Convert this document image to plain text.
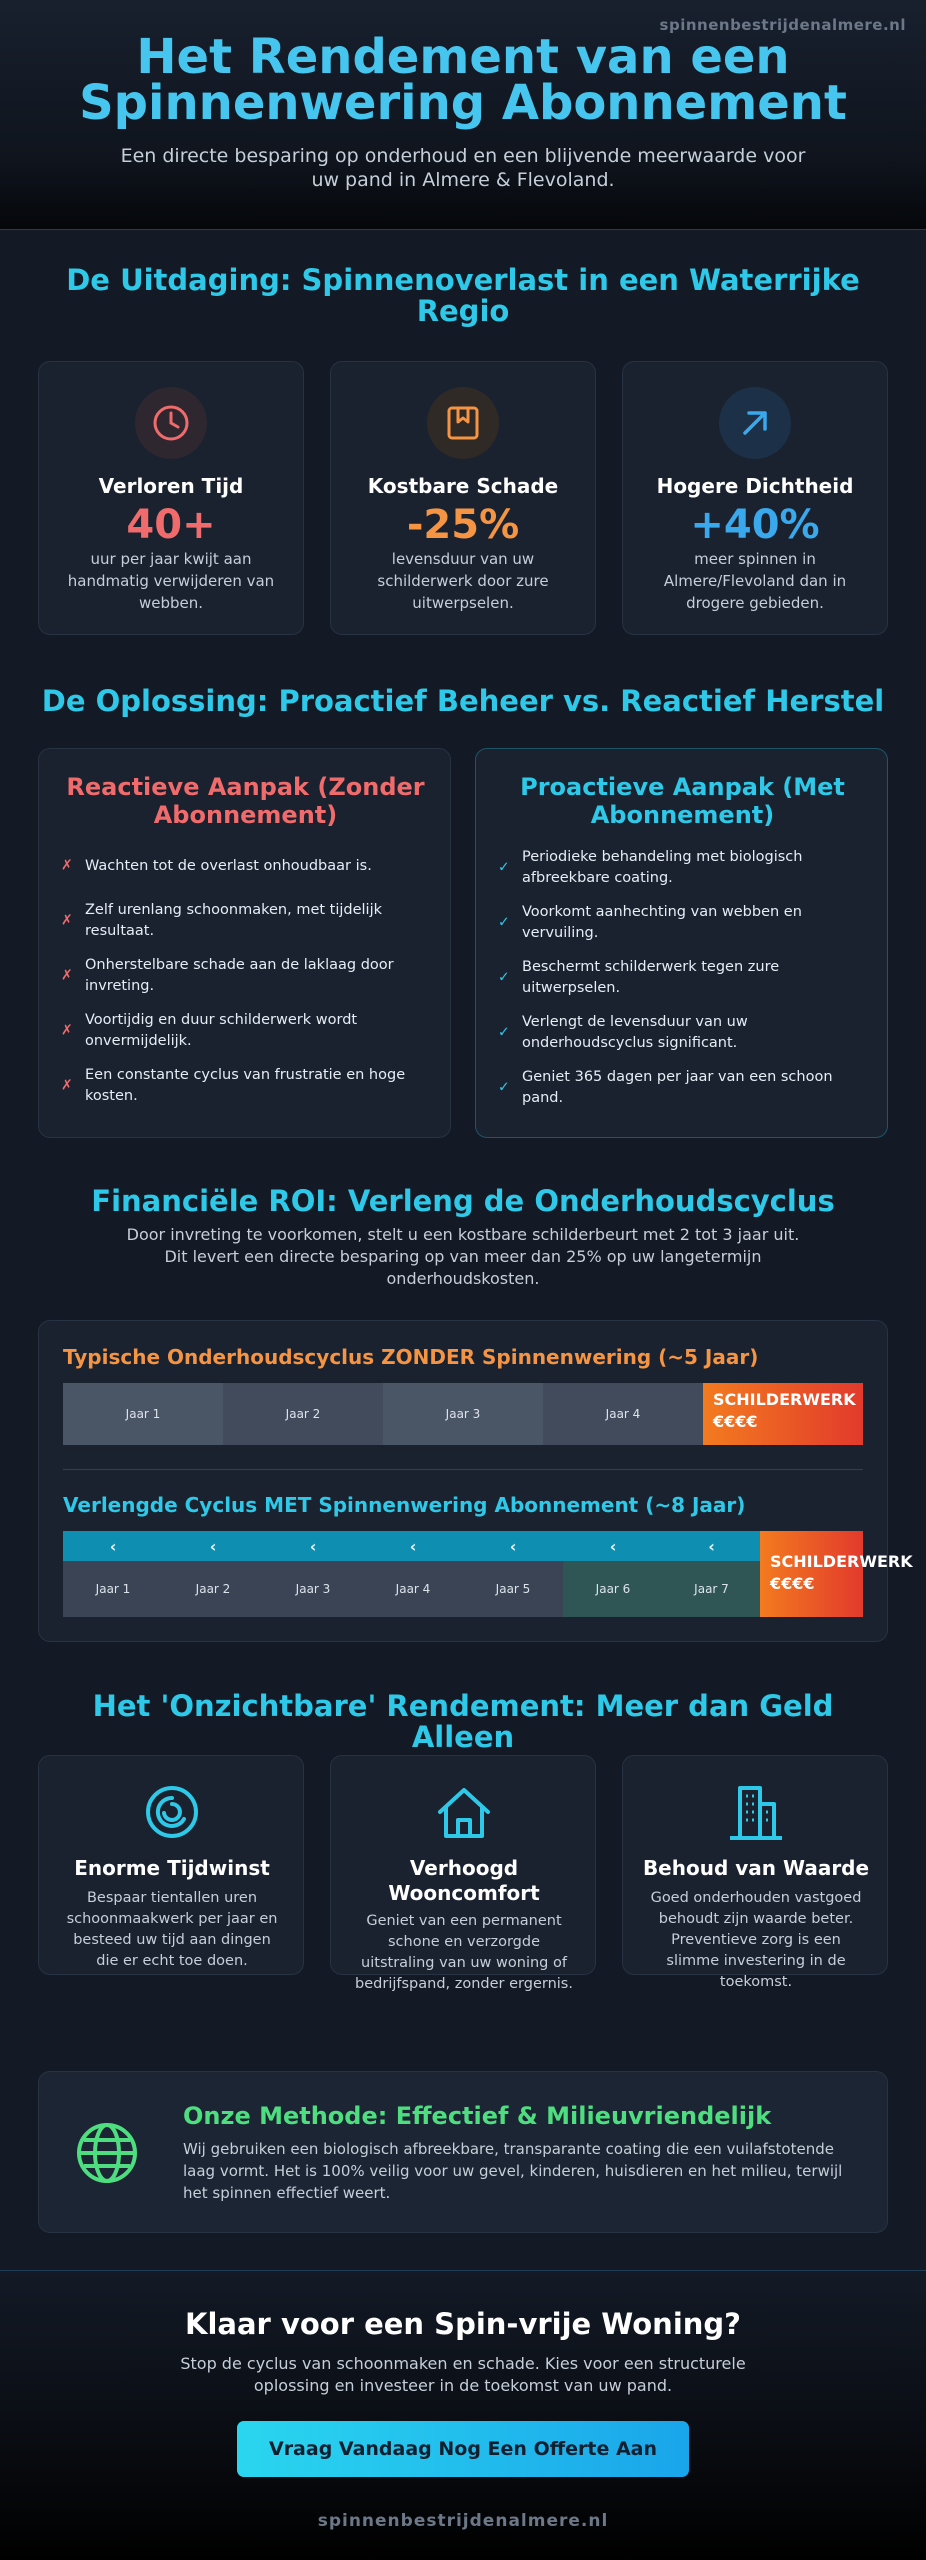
spinnenbestrijdenalmere.nl
Het Rendement van een
Spinnenwering Abonnement
Een directe besparing op onderhoud en een blijvende meerwaarde voor uw pand in Almere & Flevoland.
De Uitdaging: Spinnenoverlast in een Waterrijke Regio
Verloren Tijd
40+
uur per jaar kwijt aan handmatig verwijderen van webben.
Kostbare Schade
-25%
levensduur van uw schilderwerk door zure uitwerpselen.
Hogere Dichtheid
+40%
meer spinnen in Almere/Flevoland dan in drogere gebieden.
De Oplossing: Proactief Beheer vs. Reactief Herstel
Reactieve Aanpak (Zonder Abonnement)
✗ Wachten tot de overlast onhoudbaar is.
✗
Zelf urenlang schoonmaken, met tijdelijk resultaat.
✗
Onherstelbare schade aan de laklaag door invreting.
✗
Voortijdig en duur schilderwerk wordt onvermijdelijk.
✗
Een constante cyclus van frustratie en hoge kosten.
Proactieve Aanpak (Met Abonnement)
✓
Periodieke behandeling met biologisch afbreekbare coating.
✓
Voorkomt aanhechting van webben en vervuiling.
✓
Beschermt schilderwerk tegen zure uitwerpselen.
✓
Verlengt de levensduur van uw onderhoudscyclus significant.
✓
Geniet 365 dagen per jaar van een schoon pand.
Financiële ROI: Verleng de Onderhoudscyclus
Door invreting te voorkomen, stelt u een kostbare schilderbeurt met 2 tot 3 jaar uit. Dit levert een directe besparing op van meer dan 25% op uw langetermijn onderhoudskosten.
Typische Onderhoudscyclus ZONDER Spinnenwering (~5 Jaar)
Jaar 1	Jaar 2	Jaar 3	Jaar 4
SCHILDERWERK
€€€€
Verlengde Cyclus MET Spinnenwering Abonnement (~8 Jaar)
‹	‹	‹	‹	‹	‹	‹
Jaar 1	Jaar 2	Jaar 3	Jaar 4	Jaar 5	Jaar 6	Jaar 7
SCHILDERWERK
€€€€
Het 'Onzichtbare' Rendement: Meer dan Geld Alleen
Enorme Tijdwinst
Bespaar tientallen uren schoonmaakwerk per jaar en besteed uw tijd aan dingen die er echt toe doen.
Verhoogd Wooncomfort
Geniet van een permanent schone en verzorgde uitstraling van uw woning of bedrijfspand, zonder ergernis.
Behoud van Waarde
Goed onderhouden vastgoed behoudt zijn waarde beter. Preventieve zorg is een slimme investering in de toekomst.
Onze Methode: Effectief & Milieuvriendelijk
Wij gebruiken een biologisch afbreekbare, transparante coating die een vuilafstotende laag vormt. Het is 100% veilig voor uw gevel, kinderen, huisdieren en het milieu, terwijl het spinnen effectief weert.
Klaar voor een Spin-vrije Woning?
Stop de cyclus van schoonmaken en schade. Kies voor een structurele oplossing en investeer in de toekomst van uw pand.
Vraag Vandaag Nog Een Offerte Aan
spinnenbestrijdenalmere.nl
